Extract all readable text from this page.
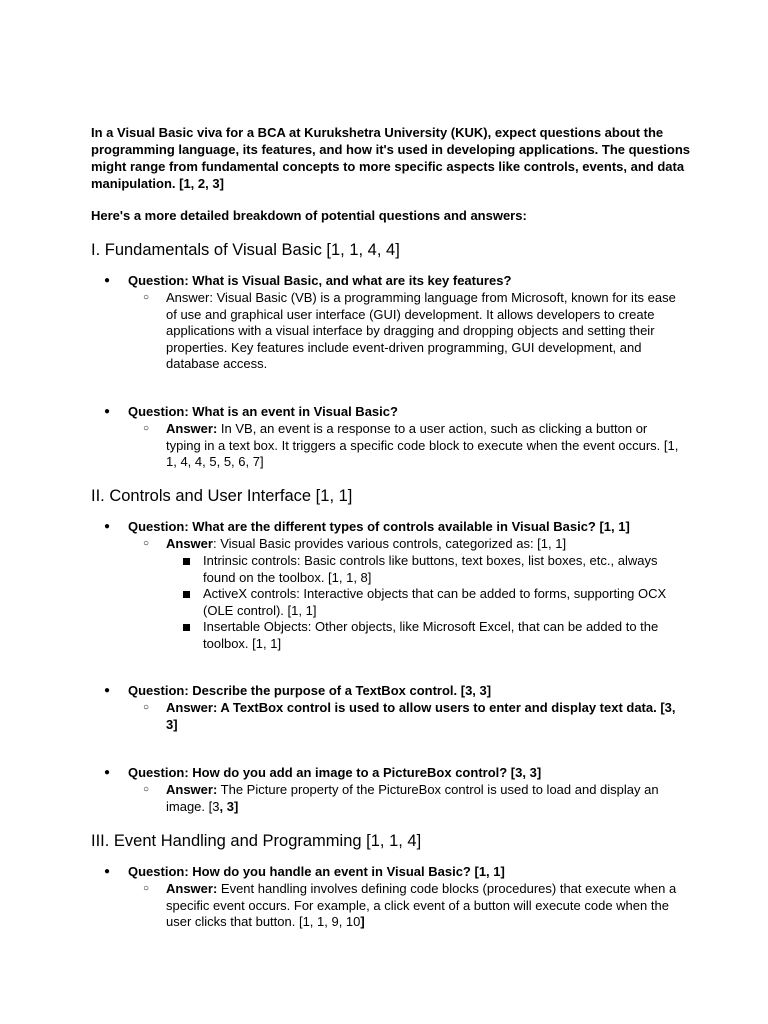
In a Visual Basic viva for a BCA at Kurukshetra University (KUK), expect questions about the programming language, its features, and how it's used in developing applications. The questions might range from fundamental concepts to more specific aspects like controls, events, and data manipulation. [1, 2, 3]

Here's a more detailed breakdown of potential questions and answers:
I. Fundamentals of Visual Basic [1, 1, 4, 4]
● Question: What is Visual Basic, and what are its key features?
○ Answer: Visual Basic (VB) is a programming language from Microsoft, known for its ease of use and graphical user interface (GUI) development. It allows developers to create applications with a visual interface by dragging and dropping objects and setting their properties. Key features include event-driven programming, GUI development, and database access.
● Question: What is an event in Visual Basic?
○ Answer: In VB, an event is a response to a user action, such as clicking a button or typing in a text box. It triggers a specific code block to execute when the event occurs. [1, 1, 4, 4, 5, 5, 6, 7]
II. Controls and User Interface [1, 1]
● Question: What are the different types of controls available in Visual Basic? [1, 1]
○ Answer: Visual Basic provides various controls, categorized as: [1, 1]
Intrinsic controls: Basic controls like buttons, text boxes, list boxes, etc., always found on the toolbox. [1, 1, 8]
ActiveX controls: Interactive objects that can be added to forms, supporting OCX (OLE control). [1, 1]
Insertable Objects: Other objects, like Microsoft Excel, that can be added to the toolbox. [1, 1]
● Question: Describe the purpose of a TextBox control. [3, 3]
○ Answer: A TextBox control is used to allow users to enter and display text data. [3, 3]
● Question: How do you add an image to a PictureBox control? [3, 3]
○ Answer: The Picture property of the PictureBox control is used to load and display an image. [3, 3]
III. Event Handling and Programming [1, 1, 4]
● Question: How do you handle an event in Visual Basic? [1, 1]
○ Answer: Event handling involves defining code blocks (procedures) that execute when a specific event occurs. For example, a click event of a button will execute code when the user clicks that button. [1, 1, 9, 10]
